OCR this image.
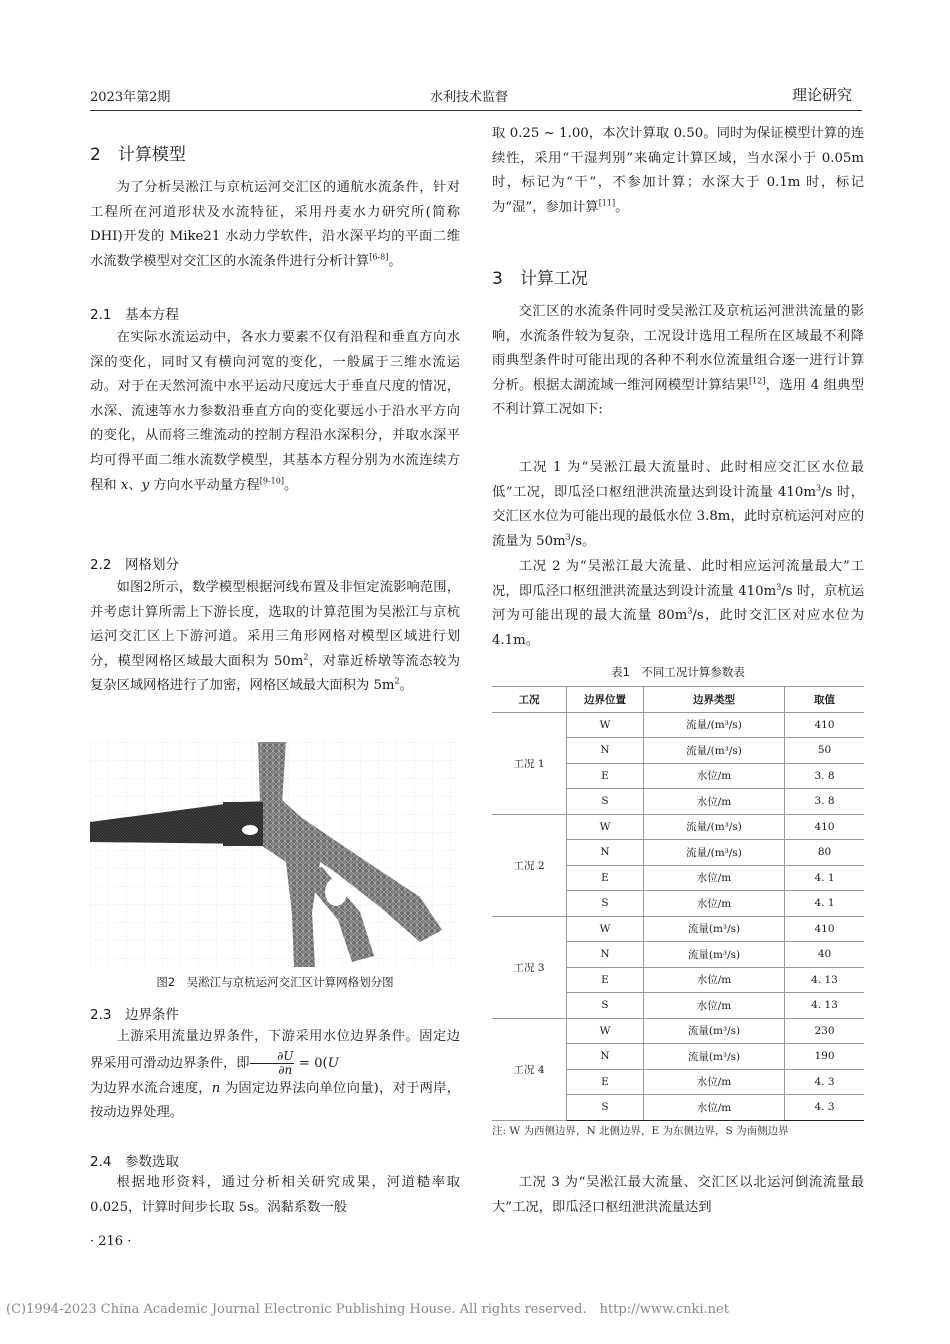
2023年第2期	水利技术监督	理论研究
2　计算模型

为了分析吴淞江与京杭运河交汇区的通航水流条件，针对工程所在河道形状及水流特征，采用丹麦水力研究所(简称 DHI)开发的 Mike21 水动力学软件，沿水深平均的平面二维水流数学模型对交汇区的水流条件进行分析计算[6-8]。

2.1　基本方程

在实际水流运动中，各水力要素不仅有沿程和垂直方向水深的变化，同时又有横向河宽的变化，一般属于三维水流运动。对于在天然河流中水平运动尺度远大于垂直尺度的情况，水深、流速等水力参数沿垂直方向的变化要远小于沿水平方向的变化，从而将三维流动的控制方程沿水深积分，并取水深平均可得平面二维水流数学模型，其基本方程分别为水流连续方程和 x、y 方向水平动量方程[9-10]。

2.2　网格划分

如图2所示，数学模型根据河线布置及非恒定流影响范围，并考虑计算所需上下游长度，选取的计算范围为吴淞江与京杭运河交汇区上下游河道。采用三角形网格对模型区域进行划分，模型网格区域最大面积为 $50m^2$，对靠近桥墩等流态较为复杂区域网格进行了加密，网格区域最大面积为 $5m^2$。

图2　吴淞江与京杭运河交汇区计算网格划分图
2.3　边界条件

上游采用流量边界条件，下游采用水位边界条件。固定边界采用可滑动边界条件，即 $\frac{\partial U}{\partial n} = 0(U$
为边界水流合速度，n 为固定边界法向单位向量)，对于两岸，按动边界处理。

2.4　参数选取

根据地形资料，通过分析相关研究成果，河道糙率取 0.025，计算时间步长取 5s。涡黏系数一般

· 216 ·

取 0.25 ~ 1.00，本次计算取 0.50。同时为保证模型计算的连续性，采用“干湿判别”来确定计算区域，当水深小于 0.05m 时，标记为“干”，不参加计算；水深大于 0.1m 时，标记为“湿”，参加计算[11]。

3　计算工况

交汇区的水流条件同时受吴淞江及京杭运河泄洪流量的影响，水流条件较为复杂，工况设计选用工程所在区域最不利降雨典型条件时可能出现的各种不利水位流量组合逐一进行计算分析。根据太湖流域一维河网模型计算结果[12]，选用 4 组典型不利计算工况如下:

工况 1 为“吴淞江最大流量时、此时相应交汇区水位最低”工况，即瓜泾口枢纽泄洪流量达到设计流量 $410m^3/s$ 时，交汇区水位为可能出现的最低水位 3.8m，此时京杭运河对应的流量为 $50m^3/s$。

工况 2 为“吴淞江最大流量、此时相应运河流量最大”工况，即瓜泾口枢纽泄洪流量达到设计流量 $410m^3/s$ 时，京杭运河为可能出现的最大流量 $80m^3/s$，此时交汇区对应水位为 4.1m。

表1　不同工况计算参数表
工况	边界位置	边界类型	取值
工况 1	W	流量/(m³/s)	410
	N	流量/(m³/s)	50
	E	水位/m	3. 8
	S	水位/m	3. 8
工况 2	W	流量/(m³/s)	410
	N	流量/(m³/s)	80
	E	水位/m	4. 1
	S	水位/m	4. 1
工况 3	W	流量(m³/s)	410
	N	流量(m³/s)	40
	E	水位/m	4. 13
	S	水位/m	4. 13
工况 4	W	流量(m³/s)	230
	N	流量(m³/s)	190
	E	水位/m	4. 3
	S	水位/m	4. 3
注: W 为西侧边界，N 北侧边界，E 为东侧边界，S 为南侧边界

工况 3 为“吴淞江最大流量、交汇区以北运河倒流流量最大”工况，即瓜泾口枢纽泄洪流量达到

(C)1994-2023 China Academic Journal Electronic Publishing House. All rights reserved.　http://www.cnki.net
